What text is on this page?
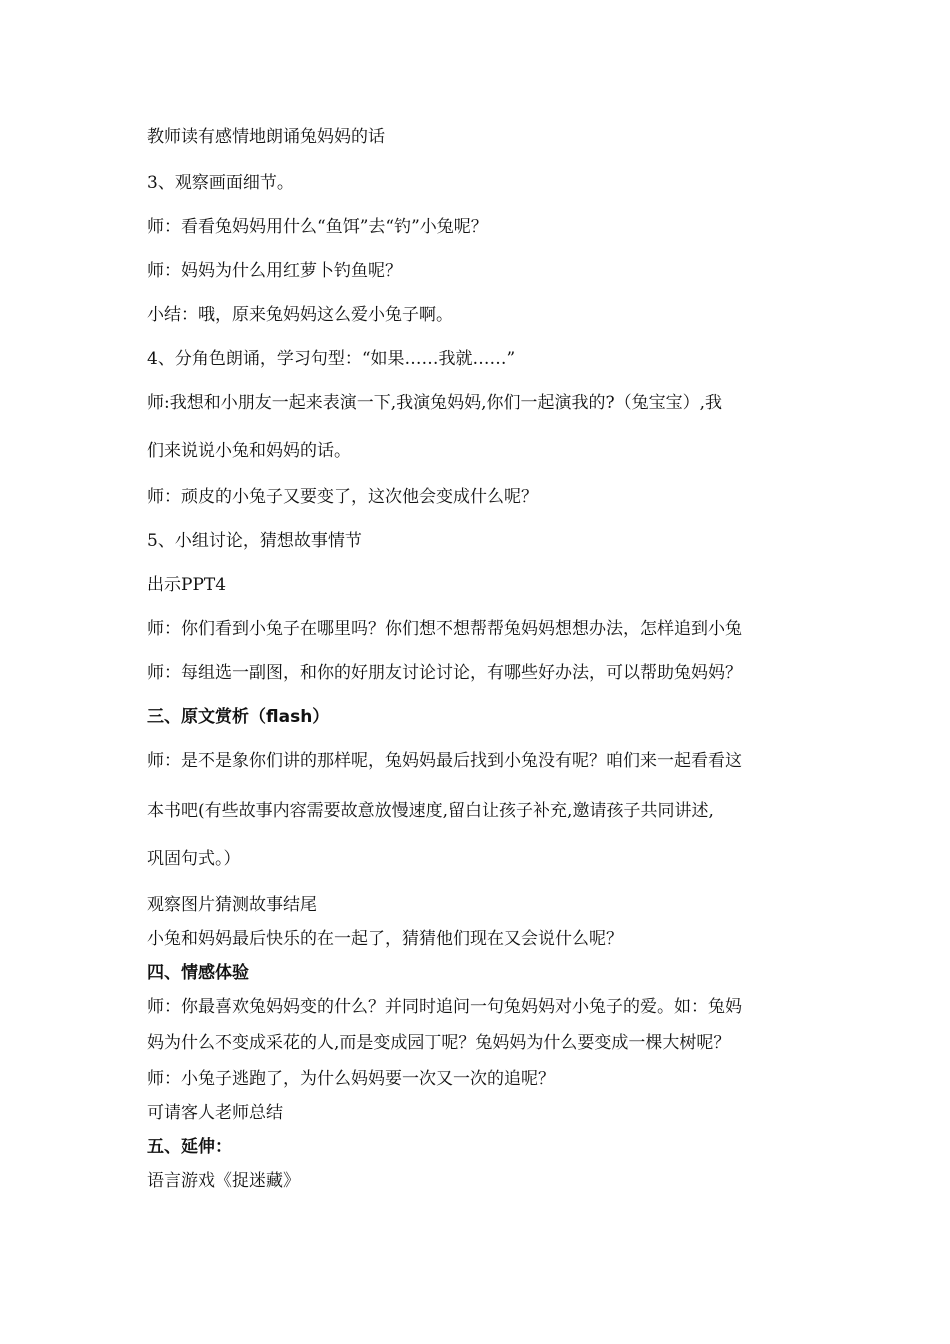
教师读有感情地朗诵兔妈妈的话
3、观察画面细节。
师：看看兔妈妈用什么“鱼饵”去“钓”小兔呢？
师：妈妈为什么用红萝卜钓鱼呢？
小结：哦，原来兔妈妈这么爱小兔子啊。
4、分角色朗诵，学习句型：“如果……我就……”
师:我想和小朋友一起来表演一下,我演兔妈妈,你们一起演我的?（兔宝宝）,我
们来说说小兔和妈妈的话。
师：顽皮的小兔子又要变了，这次他会变成什么呢？
5、小组讨论，猜想故事情节
出示PPT4
师：你们看到小兔子在哪里吗？你们想不想帮帮兔妈妈想想办法，怎样追到小兔
师：每组选一副图，和你的好朋友讨论讨论，有哪些好办法，可以帮助兔妈妈？
三、原文赏析（flash）
师：是不是象你们讲的那样呢，兔妈妈最后找到小兔没有呢？咱们来一起看看这
本书吧(有些故事内容需要故意放慢速度,留白让孩子补充,邀请孩子共同讲述,
巩固句式。）
观察图片猜测故事结尾
小兔和妈妈最后快乐的在一起了，猜猜他们现在又会说什么呢？
四、情感体验
师：你最喜欢兔妈妈变的什么？并同时追问一句兔妈妈对小兔子的爱。如：兔妈
妈为什么不变成采花的人,而是变成园丁呢？兔妈妈为什么要变成一棵大树呢？
师：小兔子逃跑了，为什么妈妈要一次又一次的追呢？
可请客人老师总结
五、延伸：
语言游戏《捉迷藏》
